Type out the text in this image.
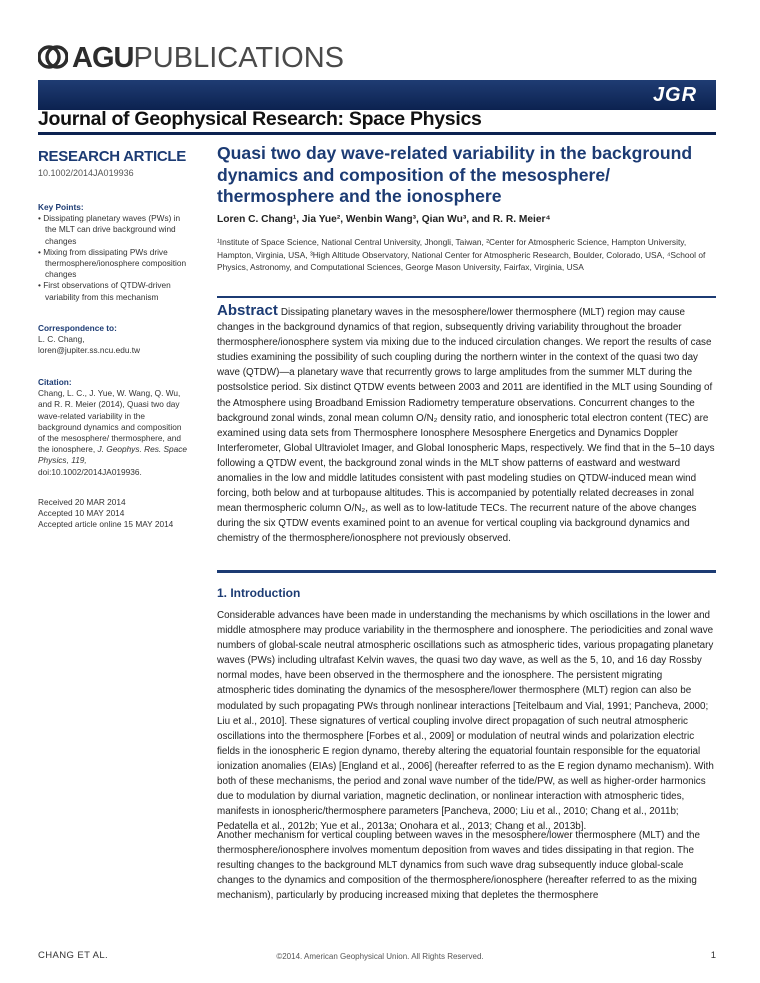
AGUPUBLICATIONS
JGR
Journal of Geophysical Research: Space Physics
RESEARCH ARTICLE
10.1002/2014JA019936
Key Points:
• Dissipating planetary waves (PWs) in the MLT can drive background wind changes
• Mixing from dissipating PWs drive thermosphere/ionosphere composition changes
• First observations of QTDW-driven variability from this mechanism
Correspondence to:
L. C. Chang,
loren@jupiter.ss.ncu.edu.tw
Citation:
Chang, L. C., J. Yue, W. Wang, Q. Wu, and R. R. Meier (2014), Quasi two day wave-related variability in the background dynamics and composition of the mesosphere/ thermosphere, and the ionosphere, J. Geophys. Res. Space Physics, 119, doi:10.1002/2014JA019936.
Received 20 MAR 2014
Accepted 10 MAY 2014
Accepted article online 15 MAY 2014
Quasi two day wave-related variability in the background dynamics and composition of the mesosphere/ thermosphere and the ionosphere
Loren C. Chang¹, Jia Yue², Wenbin Wang³, Qian Wu³, and R. R. Meier⁴
¹Institute of Space Science, National Central University, Jhongli, Taiwan, ²Center for Atmospheric Science, Hampton University, Hampton, Virginia, USA, ³High Altitude Observatory, National Center for Atmospheric Research, Boulder, Colorado, USA, ⁴School of Physics, Astronomy, and Computational Sciences, George Mason University, Fairfax, Virginia, USA
Abstract Dissipating planetary waves in the mesosphere/lower thermosphere (MLT) region may cause changes in the background dynamics of that region, subsequently driving variability throughout the broader thermosphere/ionosphere system via mixing due to the induced circulation changes. We report the results of case studies examining the possibility of such coupling during the northern winter in the context of the quasi two day wave (QTDW)—a planetary wave that recurrently grows to large amplitudes from the summer MLT during the postsolstice period. Six distinct QTDW events between 2003 and 2011 are identified in the MLT using Sounding of the Atmosphere using Broadband Emission Radiometry temperature observations. Concurrent changes to the background zonal winds, zonal mean column O/N₂ density ratio, and ionospheric total electron content (TEC) are examined using data sets from Thermosphere Ionosphere Mesosphere Energetics and Dynamics Doppler Interferometer, Global Ultraviolet Imager, and Global Ionospheric Maps, respectively. We find that in the 5–10 days following a QTDW event, the background zonal winds in the MLT show patterns of eastward and westward anomalies in the low and middle latitudes consistent with past modeling studies on QTDW-induced mean wind forcing, both below and at turbopause altitudes. This is accompanied by potentially related decreases in zonal mean thermospheric column O/N₂, as well as to low-latitude TECs. The recurrent nature of the above changes during the six QTDW events examined point to an avenue for vertical coupling via background dynamics and chemistry of the thermosphere/ionosphere not previously observed.
1. Introduction
Considerable advances have been made in understanding the mechanisms by which oscillations in the lower and middle atmosphere may produce variability in the thermosphere and ionosphere. The periodicities and zonal wave numbers of global-scale neutral atmospheric oscillations such as atmospheric tides, various propagating planetary waves (PWs) including ultrafast Kelvin waves, the quasi two day wave, as well as the 5, 10, and 16 day Rossby normal modes, have been observed in the thermosphere and the ionosphere. The persistent migrating atmospheric tides dominating the dynamics of the mesosphere/lower thermosphere (MLT) region can also be modulated by such propagating PWs through nonlinear interactions [Teitelbaum and Vial, 1991; Pancheva, 2000; Liu et al., 2010]. These signatures of vertical coupling involve direct propagation of such neutral atmospheric oscillations into the thermosphere [Forbes et al., 2009] or modulation of neutral winds and polarization electric fields in the ionospheric E region dynamo, thereby altering the equatorial fountain responsible for the equatorial ionization anomalies (EIAs) [England et al., 2006] (hereafter referred to as the E region dynamo mechanism). With both of these mechanisms, the period and zonal wave number of the tide/PW, as well as higher-order harmonics due to modulation by diurnal variation, magnetic declination, or nonlinear interaction with atmospheric tides, manifests in ionospheric/thermosphere parameters [Pancheva, 2000; Liu et al., 2010; Chang et al., 2011b; Pedatella et al., 2012b; Yue et al., 2013a; Onohara et al., 2013; Chang et al., 2013b].
Another mechanism for vertical coupling between waves in the mesosphere/lower thermosphere (MLT) and the thermosphere/ionosphere involves momentum deposition from waves and tides dissipating in that region. The resulting changes to the background MLT dynamics from such wave drag subsequently induce global-scale changes to the dynamics and composition of the thermosphere/ionosphere (hereafter referred to as the mixing mechanism), particularly by producing increased mixing that depletes the thermosphere
CHANG ET AL.	©2014. American Geophysical Union. All Rights Reserved.	1
